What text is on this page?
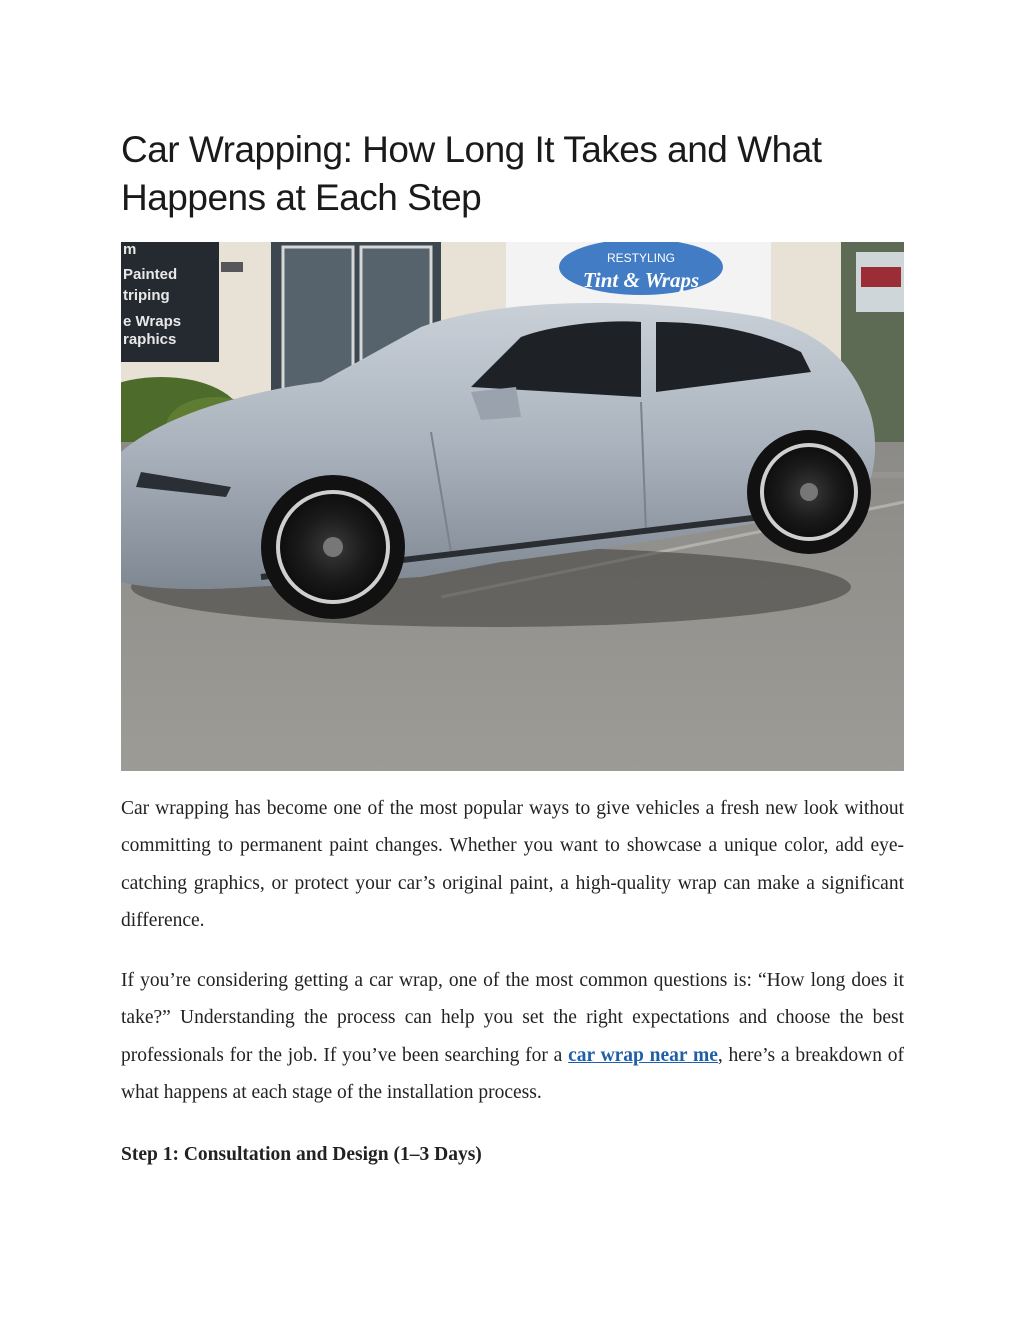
Car Wrapping: How Long It Takes and What Happens at Each Step
m
Painted
triping
e Wraps
raphics
RESTYLING
Tint & Wraps

Car wrapping has become one of the most popular ways to give vehicles a fresh new look without committing to permanent paint changes. Whether you want to showcase a unique color, add eye-catching graphics, or protect your car’s original paint, a high-quality wrap can make a significant difference.

If you’re considering getting a car wrap, one of the most common questions is: “How long does it take?” Understanding the process can help you set the right expectations and choose the best professionals for the job. If you’ve been searching for a car wrap near me, here’s a breakdown of what happens at each stage of the installation process.

Step 1: Consultation and Design (1–3 Days)
